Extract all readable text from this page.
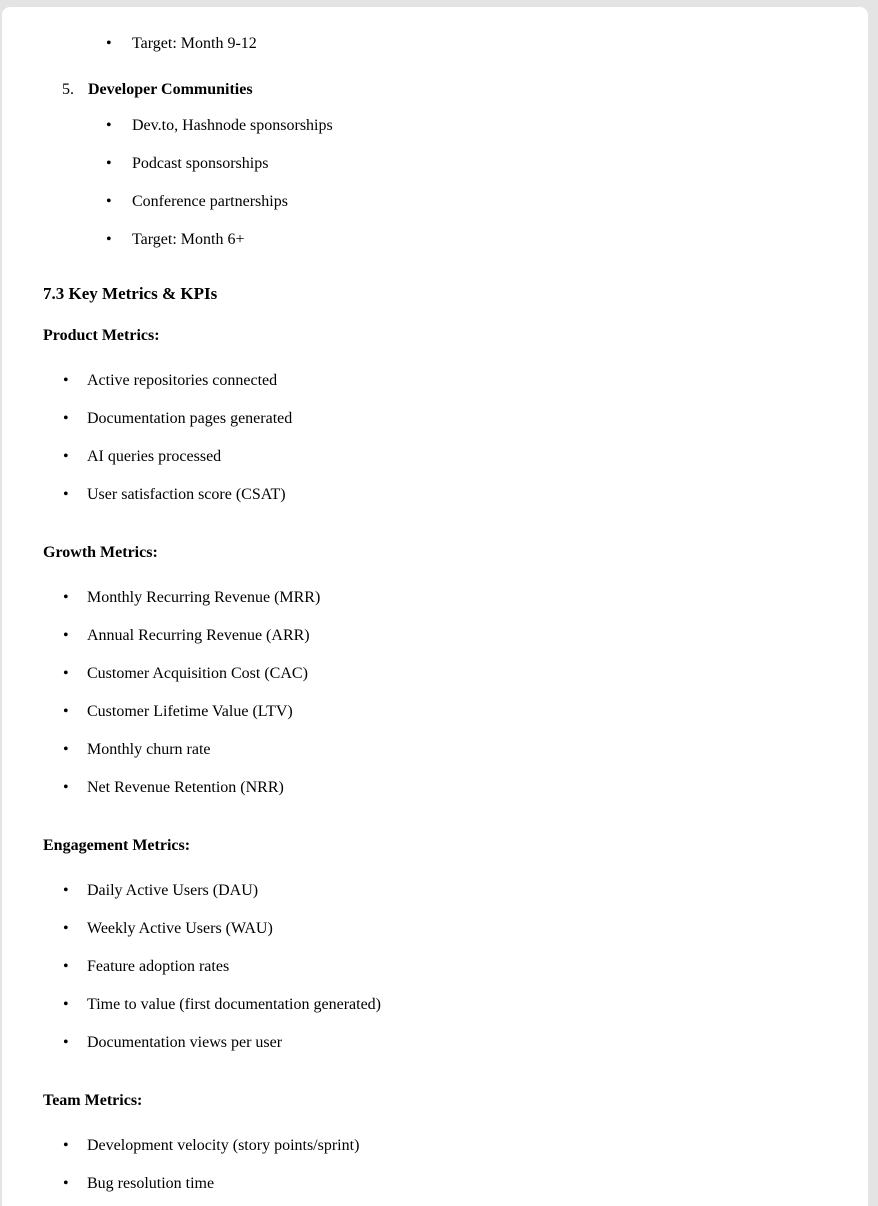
• Target: Month 9-12
5. Developer Communities
• Dev.to, Hashnode sponsorships
• Podcast sponsorships
• Conference partnerships
• Target: Month 6+
7.3 Key Metrics & KPIs

Product Metrics:

• Active repositories connected
• Documentation pages generated
• AI queries processed
• User satisfaction score (CSAT)

Growth Metrics:

• Monthly Recurring Revenue (MRR)
• Annual Recurring Revenue (ARR)
• Customer Acquisition Cost (CAC)
• Customer Lifetime Value (LTV)
• Monthly churn rate
• Net Revenue Retention (NRR)

Engagement Metrics:

• Daily Active Users (DAU)
• Weekly Active Users (WAU)
• Feature adoption rates
• Time to value (first documentation generated)
• Documentation views per user

Team Metrics:

• Development velocity (story points/sprint)
• Bug resolution time
